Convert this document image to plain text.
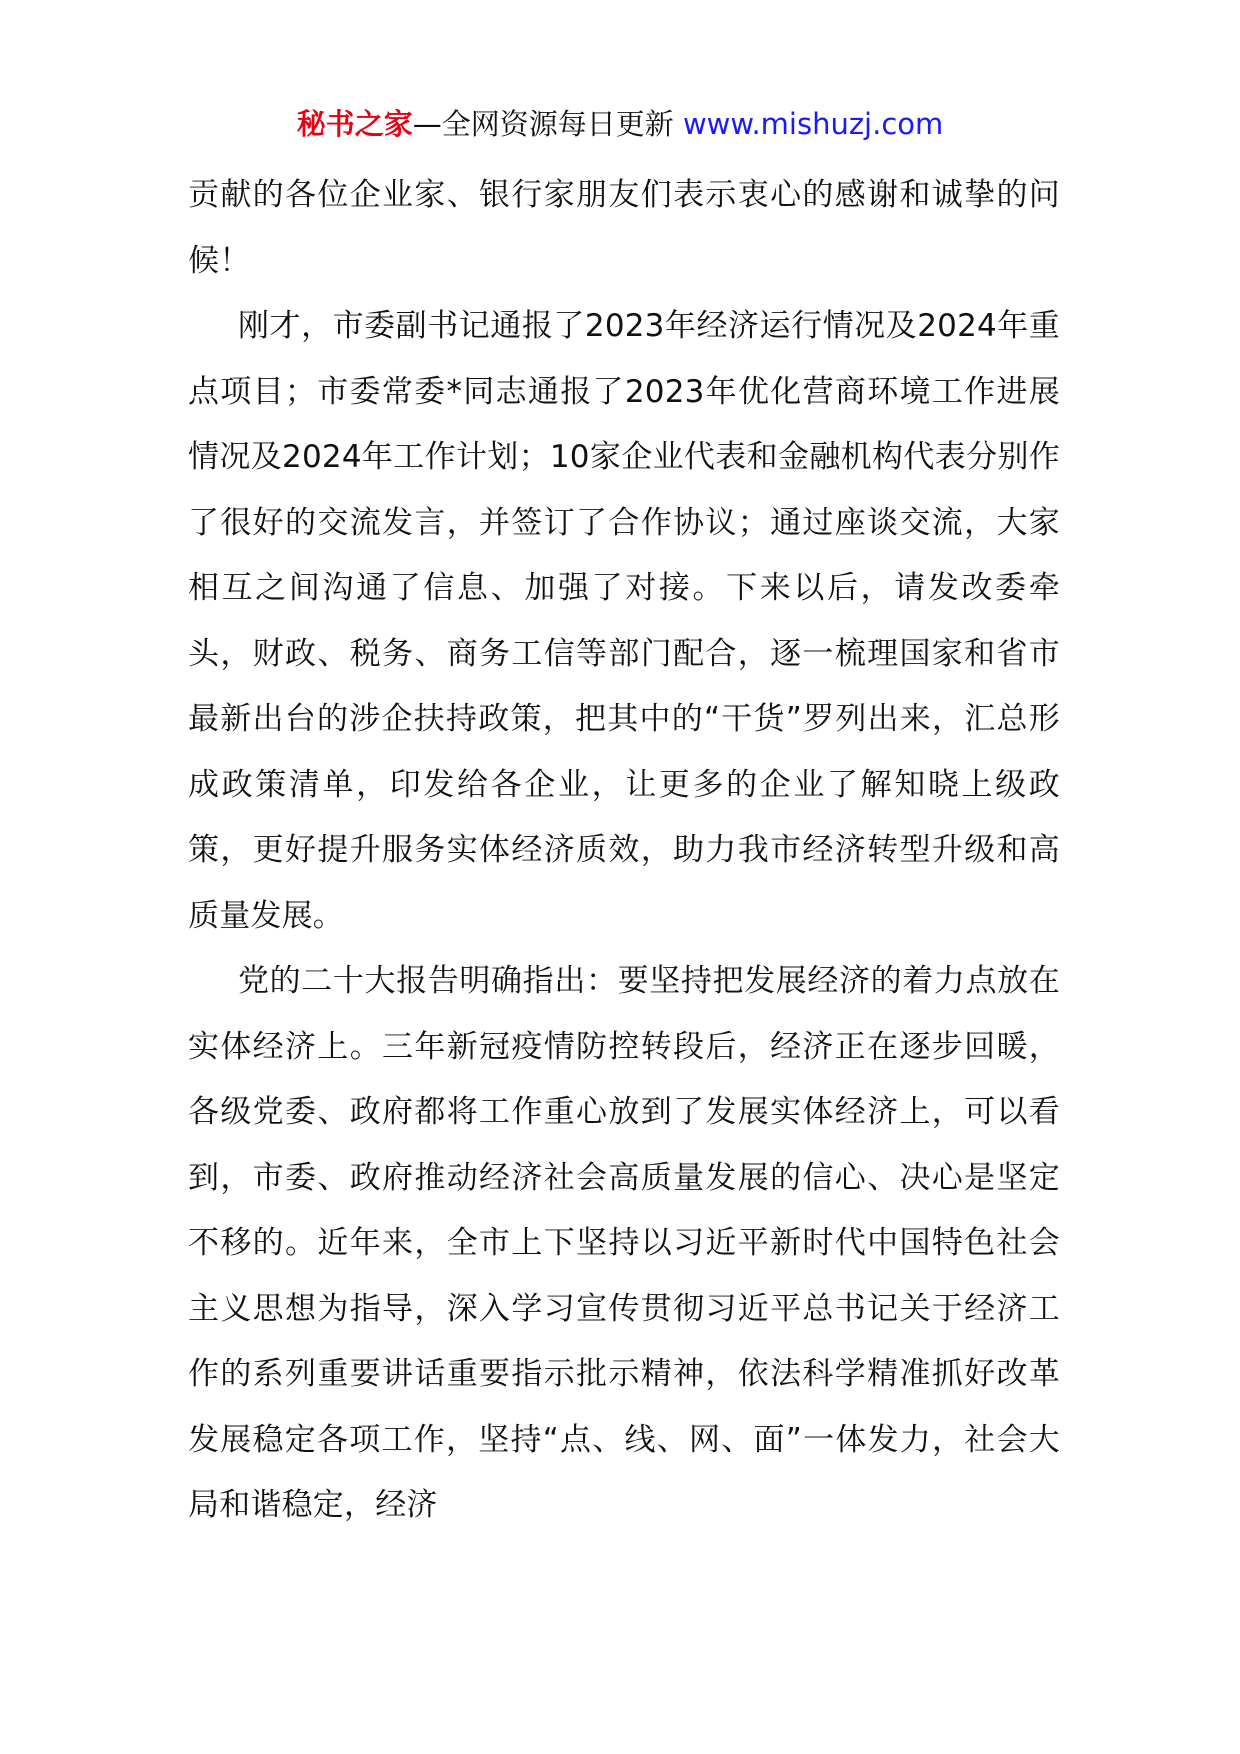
秘书之家—全网资源每日更新 www.mishuzj.com

贡献的各位企业家、银行家朋友们表示衷心的感谢和诚挚的问候！

刚才，市委副书记通报了2023年经济运行情况及2024年重点项目；市委常委*同志通报了2023年优化营商环境工作进展情况及2024年工作计划；10家企业代表和金融机构代表分别作了很好的交流发言，并签订了合作协议；通过座谈交流，大家相互之间沟通了信息、加强了对接。下来以后，请发改委牵头，财政、税务、商务工信等部门配合，逐一梳理国家和省市最新出台的涉企扶持政策，把其中的“干货”罗列出来，汇总形成政策清单，印发给各企业，让更多的企业了解知晓上级政策，更好提升服务实体经济质效，助力我市经济转型升级和高质量发展。

党的二十大报告明确指出：要坚持把发展经济的着力点放在实体经济上。三年新冠疫情防控转段后，经济正在逐步回暖，各级党委、政府都将工作重心放到了发展实体经济上，可以看到，市委、政府推动经济社会高质量发展的信心、决心是坚定不移的。近年来，全市上下坚持以习近平新时代中国特色社会主义思想为指导，深入学习宣传贯彻习近平总书记关于经济工作的系列重要讲话重要指示批示精神，依法科学精准抓好改革发展稳定各项工作，坚持“点、线、网、面”一体发力，社会大局和谐稳定，经济
